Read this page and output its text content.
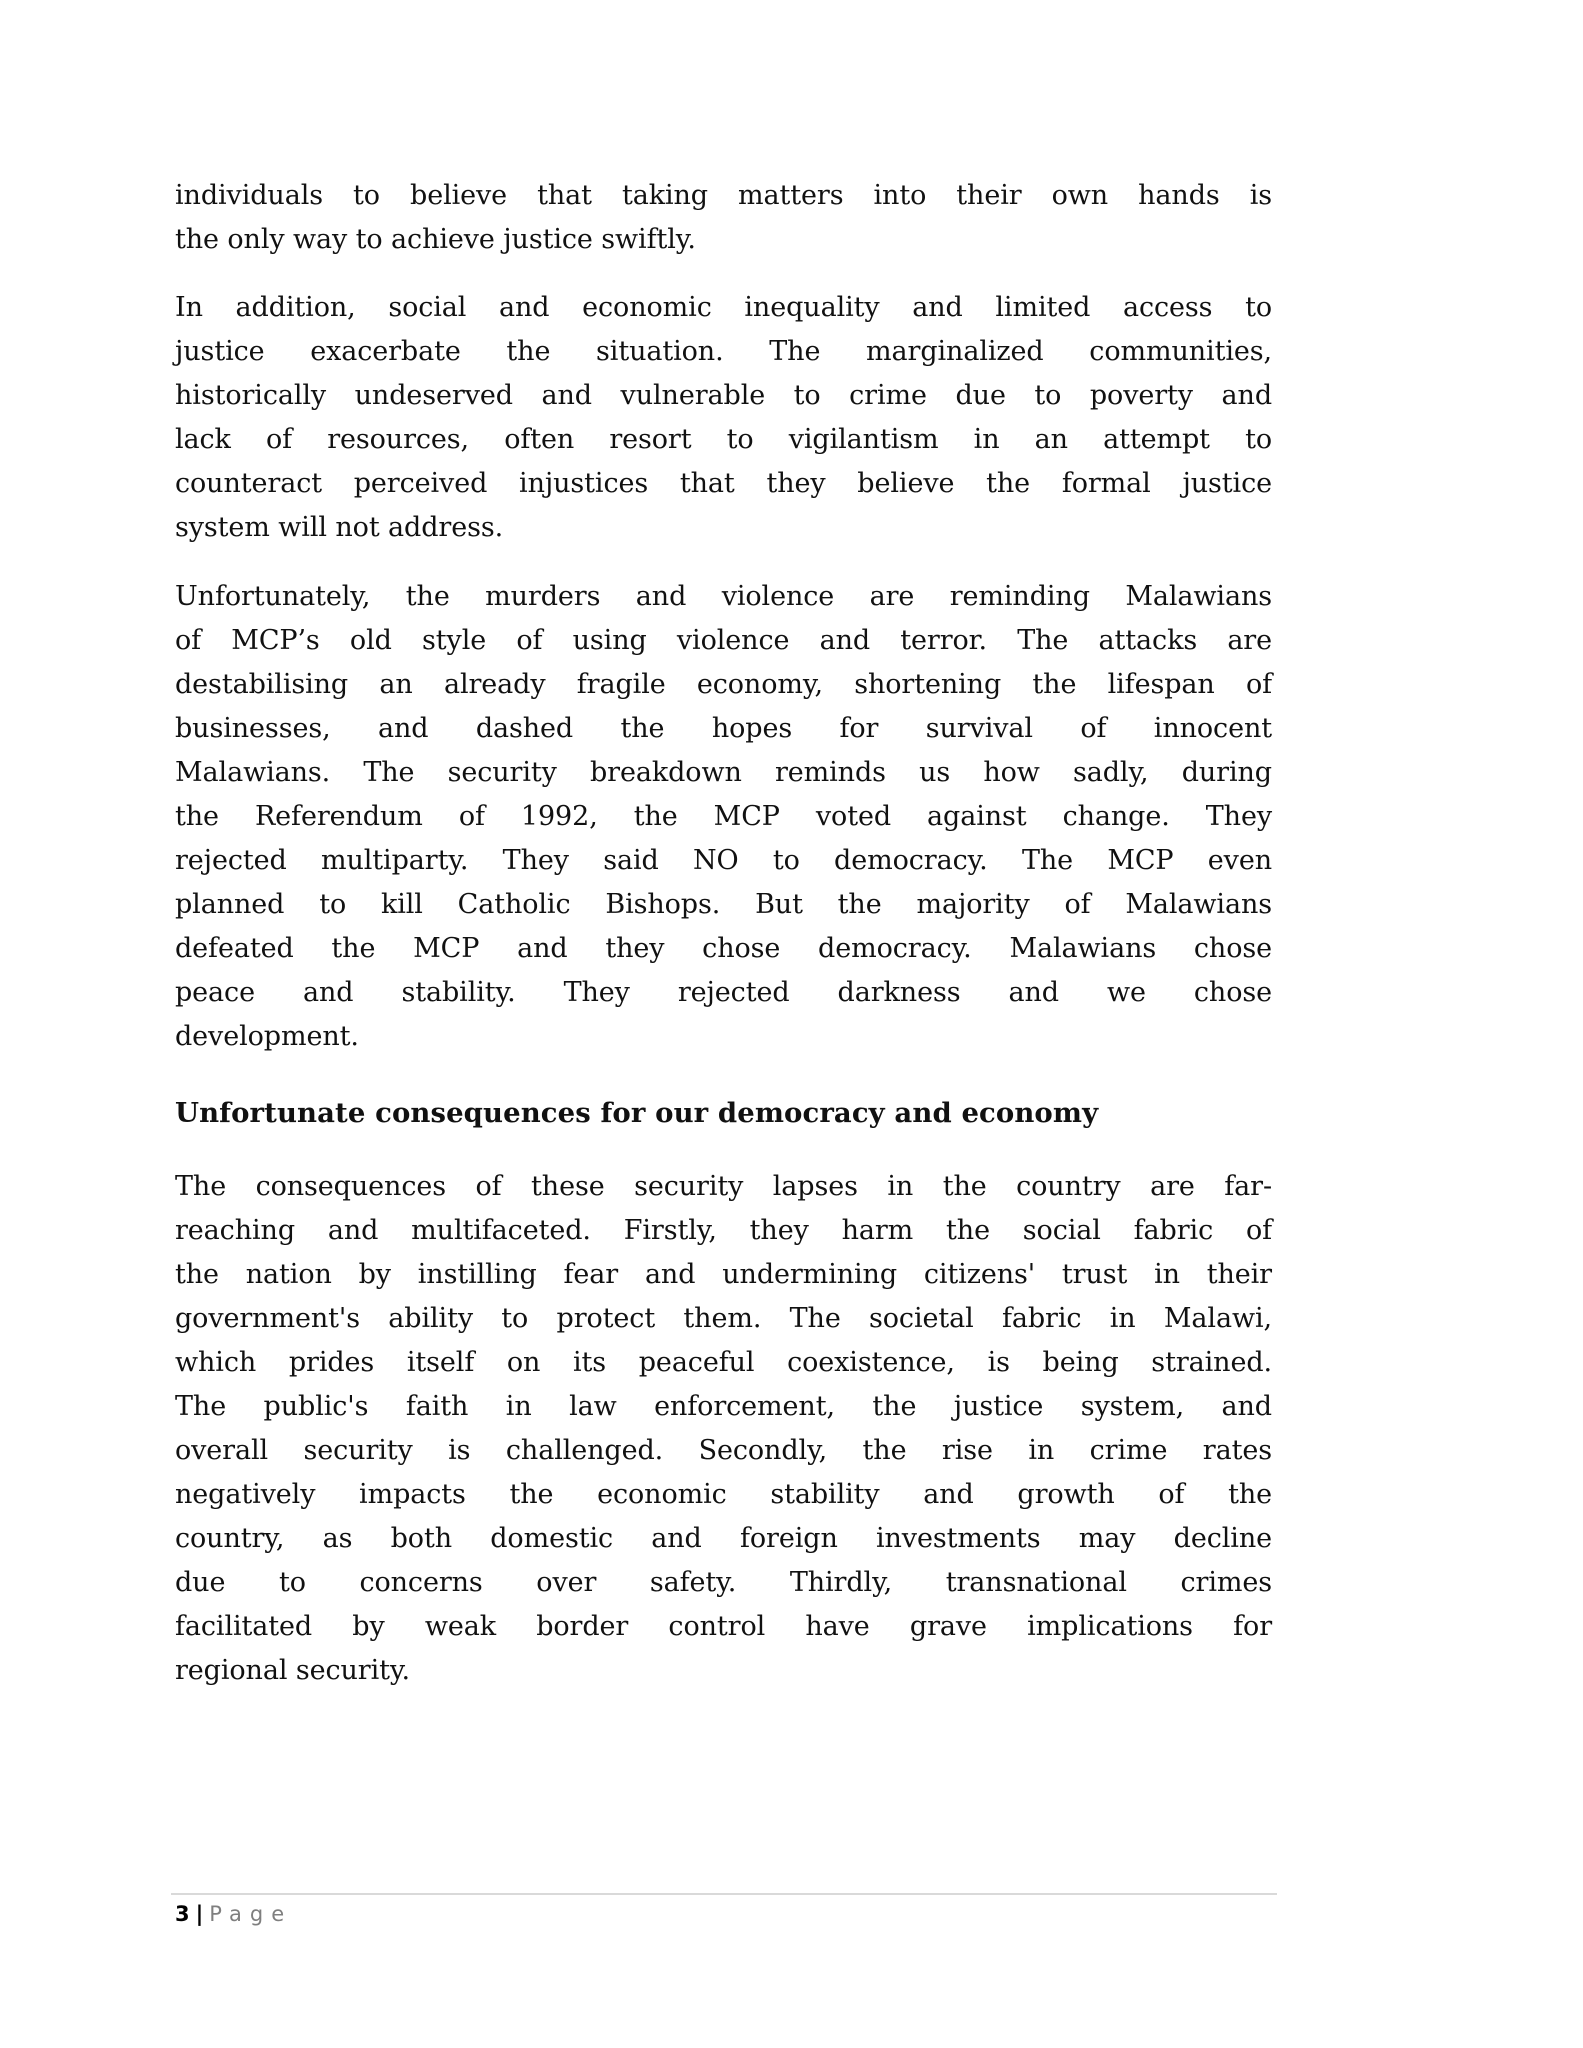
individuals to believe that taking matters into their own hands is
the only way to achieve justice swiftly.
In addition, social and economic inequality and limited access to
justice exacerbate the situation. The marginalized communities,
historically undeserved and vulnerable to crime due to poverty and
lack of resources, often resort to vigilantism in an attempt to
counteract perceived injustices that they believe the formal justice
system will not address.
Unfortunately, the murders and violence are reminding Malawians
of MCP’s old style of using violence and terror. The attacks are
destabilising an already fragile economy, shortening the lifespan of
businesses, and dashed the hopes for survival of innocent
Malawians. The security breakdown reminds us how sadly, during
the Referendum of 1992, the MCP voted against change. They
rejected multiparty. They said NO to democracy. The MCP even
planned to kill Catholic Bishops. But the majority of Malawians
defeated the MCP and they chose democracy. Malawians chose
peace and stability. They rejected darkness and we chose
development.
Unfortunate consequences for our democracy and economy
The consequences of these security lapses in the country are far-
reaching and multifaceted. Firstly, they harm the social fabric of
the nation by instilling fear and undermining citizens' trust in their
government's ability to protect them. The societal fabric in Malawi,
which prides itself on its peaceful coexistence, is being strained.
The public's faith in law enforcement, the justice system, and
overall security is challenged. Secondly, the rise in crime rates
negatively impacts the economic stability and growth of the
country, as both domestic and foreign investments may decline
due to concerns over safety. Thirdly, transnational crimes
facilitated by weak border control have grave implications for
regional security.
3 | Page
